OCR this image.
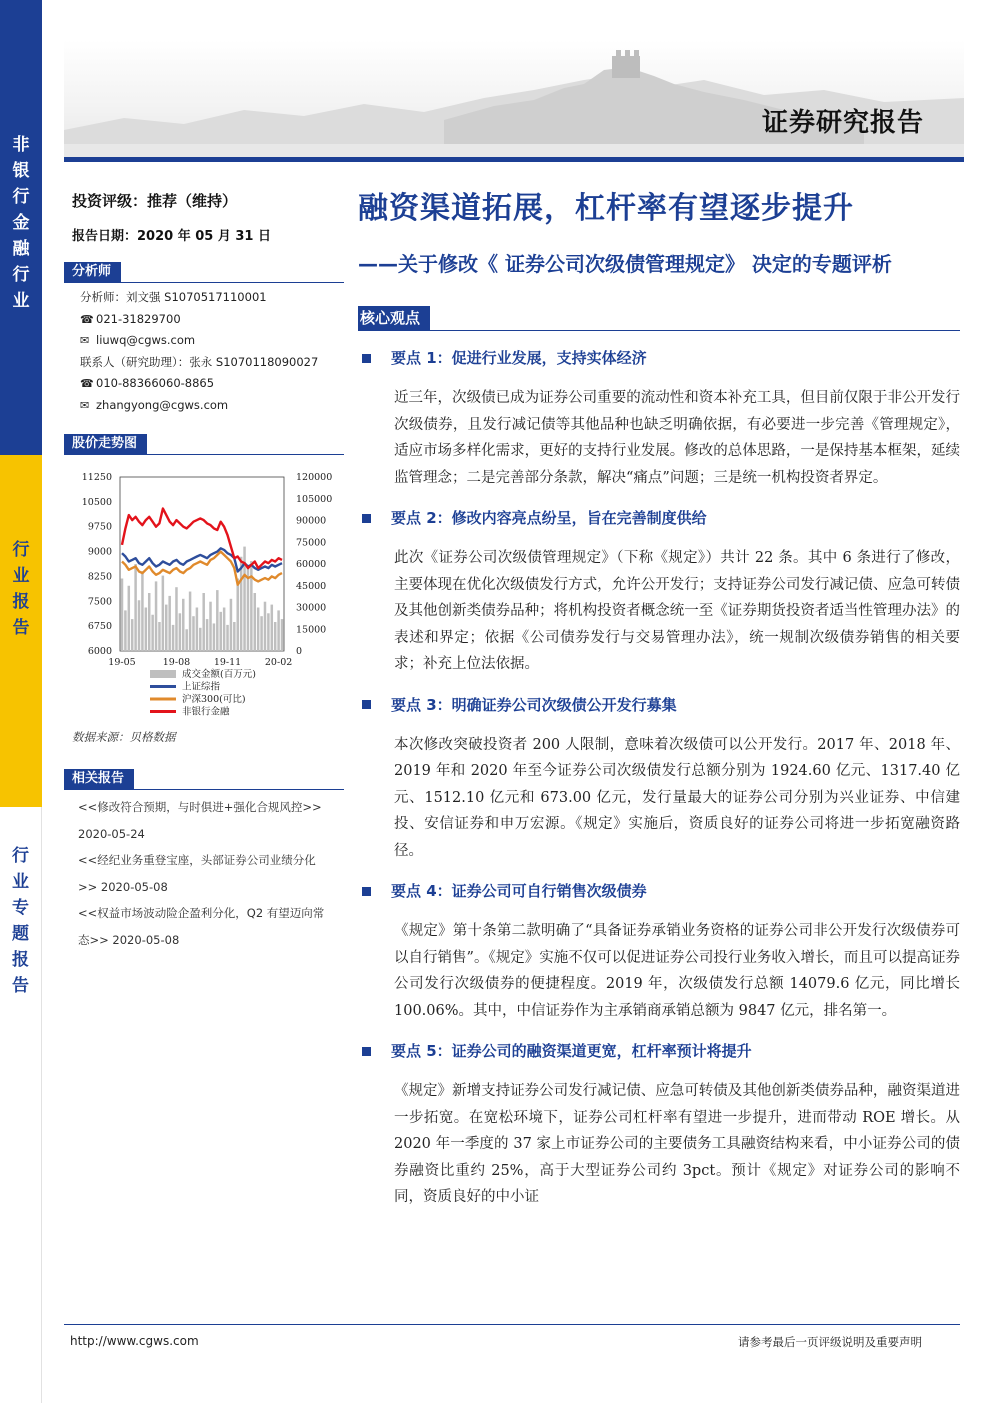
非银行金融行业
行业报告
行业专题报告
证券研究报告
投资评级：推荐（维持）
报告日期：2020 年 05 月 31 日
分析师
分析师：刘文强 S1070517110001
☎ 021-31829700
✉ liuwq@cgws.com
联系人（研究助理）：张永 S1070118090027
☎ 010-88366060-8865
✉ zhangyong@cgws.com
股价走势图
11250
10500
9750
9000
8250
7500
6750
6000
120000
105000
90000
75000
60000
45000
30000
15000
0
19-05	19-08 19-11 20-02
成交金额(百万元)
上证综指
沪深300(可比)
非银行金融
数据来源：贝格数据
相关报告
<<修改符合预期，与时俱进+强化合规风控>> 2020-05-24
<<经纪业务重登宝座，头部证券公司业绩分化>> 2020-05-08
<<权益市场波动险企盈利分化，Q2 有望迈向常态>> 2020-05-08
融资渠道拓展，杠杆率有望逐步提升
——关于修改《 证券公司次级债管理规定》 决定的专题评析
核心观点
要点 1：促进行业发展，支持实体经济
近三年，次级债已成为证券公司重要的流动性和资本补充工具，但目前仅限于非公开发行次级债券，且发行减记债等其他品种也缺乏明确依据，有必要进一步完善《管理规定》，适应市场多样化需求，更好的支持行业发展。修改的总体思路，一是保持基本框架，延续监管理念；二是完善部分条款，解决“痛点”问题；三是统一机构投资者界定。
要点 2：修改内容亮点纷呈，旨在完善制度供给
此次《证券公司次级债管理规定》（下称《规定》）共计 22 条。其中 6 条进行了修改，主要体现在优化次级债发行方式，允许公开发行；支持证券公司发行减记债、应急可转债及其他创新类债券品种；将机构投资者概念统一至《证券期货投资者适当性管理办法》的表述和界定；依据《公司债券发行与交易管理办法》，统一规制次级债券销售的相关要求；补充上位法依据。
要点 3：明确证券公司次级债公开发行募集
本次修改突破投资者 200 人限制，意味着次级债可以公开发行。2017 年、2018 年、2019 年和 2020 年至今证券公司次级债发行总额分别为 1924.60 亿元、1317.40 亿元、1512.10 亿元和 673.00 亿元，发行量最大的证券公司分别为兴业证券、中信建投、安信证券和申万宏源。《规定》实施后，资质良好的证券公司将进一步拓宽融资路径。
要点 4：证券公司可自行销售次级债券
《规定》第十条第二款明确了“具备证券承销业务资格的证券公司非公开发行次级债券可以自行销售”。《规定》实施不仅可以促进证券公司投行业务收入增长，而且可以提高证券公司发行次级债券的便捷程度。2019 年，次级债发行总额 14079.6 亿元，同比增长 100.06%。其中，中信证券作为主承销商承销总额为 9847 亿元，排名第一。
要点 5：证券公司的融资渠道更宽，杠杆率预计将提升
《规定》新增支持证券公司发行减记债、应急可转债及其他创新类债券品种，融资渠道进一步拓宽。在宽松环境下，证券公司杠杆率有望进一步提升，进而带动 ROE 增长。从 2020 年一季度的 37 家上市证券公司的主要债务工具融资结构来看，中小证券公司的债券融资比重约 25%，高于大型证券公司约 3pct。预计《规定》对证券公司的影响不同，资质良好的中小证
http://www.cgws.com	请参考最后一页评级说明及重要声明
